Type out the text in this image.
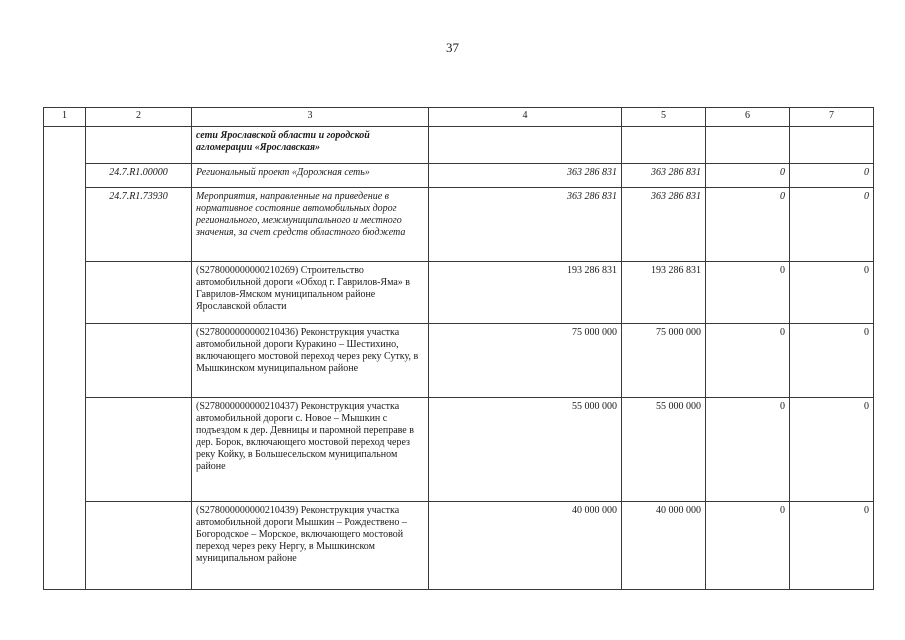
37
1	2	3	4	5	6	7
		сети Ярославской области и городской агломерации «Ярославская»				
	24.7.R1.00000	Региональный проект «Дорожная сеть»	363 286 831	363 286 831	0	0
	24.7.R1.73930	Мероприятия, направленные на приведение в нормативное состояние автомобильных дорог регионального, межмуниципального и местного значения, за счет средств областного бюджета	363 286 831	363 286 831	0	0
		(S278000000000210269) Строительство автомобильной дороги «Обход г. Гаврилов-Яма» в Гаврилов-Ямском муниципальном районе Ярославской области	193 286 831	193 286 831	0	0
		(S278000000000210436) Реконструкция участка автомобильной дороги Куракино – Шестихино, включающего мостовой переход через реку Сутку, в Мышкинском муниципальном районе	75 000 000	75 000 000	0	0
		(S278000000000210437) Реконструкция участка автомобильной дороги с. Новое – Мышкин с подъездом к дер. Девницы и паромной переправе в дер. Борок, включающего мостовой переход через реку Койку, в Большесельском муниципальном районе	55 000 000	55 000 000	0	0
		(S278000000000210439) Реконструкция участка автомобильной дороги Мышкин – Рождествено – Богородское – Морское, включающего мостовой переход через реку Нергу, в Мышкинском муниципальном районе	40 000 000	40 000 000	0	0
